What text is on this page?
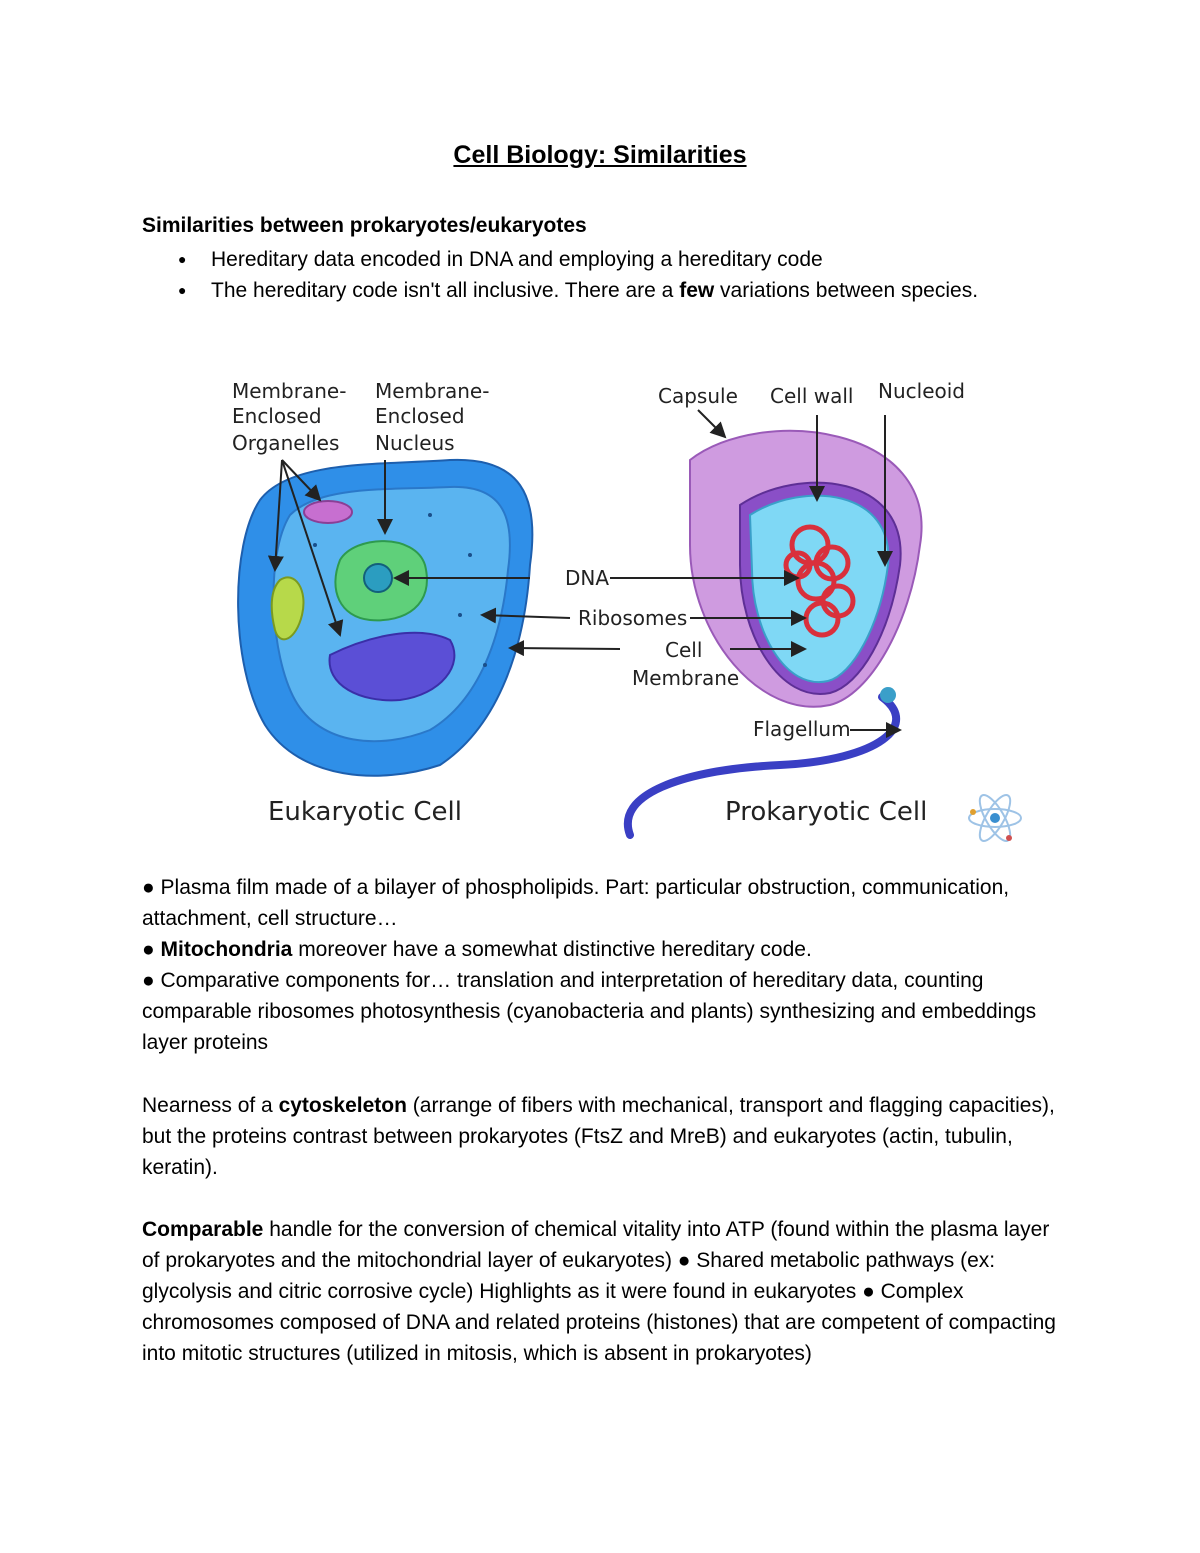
Cell Biology: Similarities
Similarities between prokaryotes/eukaryotes
● Hereditary data encoded in DNA and employing a hereditary code
● The hereditary code isn't all inclusive. There are a few variations between species.
Membrane-
Enclosed
Organelles
Membrane-
Enclosed
Nucleus
Capsule Cell wall Nucleoid
DNA
Ribosomes
Cell
Membrane
Flagellum
Eukaryotic Cell	Prokaryotic Cell

● Plasma film made of a bilayer of phospholipids. Part: particular obstruction, communication, attachment, cell structure…
● Mitochondria moreover have a somewhat distinctive hereditary code.
● Comparative components for… translation and interpretation of hereditary data, counting comparable ribosomes photosynthesis (cyanobacteria and plants) synthesizing and embeddings layer proteins

Nearness of a cytoskeleton (arrange of fibers with mechanical, transport and flagging capacities), but the proteins contrast between prokaryotes (FtsZ and MreB) and eukaryotes (actin, tubulin, keratin).

Comparable handle for the conversion of chemical vitality into ATP (found within the plasma layer of prokaryotes and the mitochondrial layer of eukaryotes) ● Shared metabolic pathways (ex: glycolysis and citric corrosive cycle) Highlights as it were found in eukaryotes ● Complex chromosomes composed of DNA and related proteins (histones) that are competent of compacting into mitotic structures (utilized in mitosis, which is absent in prokaryotes)
